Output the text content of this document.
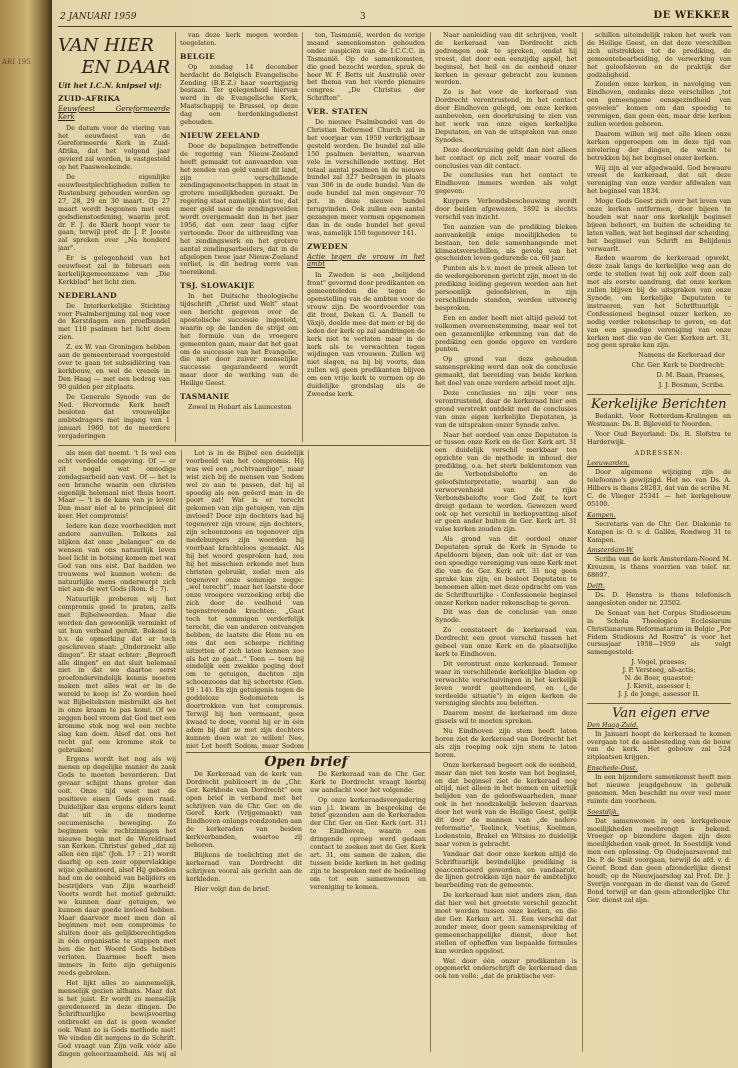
ARI 195
2 JANUARI 1959	3	DE WEKKER
VAN HIER
EN DAAR
Uit het I.C.N. knipsel vij:
ZUID-AFRIKA
Eeuwfeest Gereformeerde Kerk

De datum voor de viering van het eeuwfeest van de Gereformeerde Kerk in Zuid-Afrika, dat het volgend jaar gevierd zal worden, is vastgesteld op het Paasweekeinde.

De eigenlijke eeuwfeestplechtigheden zullen te Rustenburg gehouden worden op 27, 28, 29 en 30 maart. Op 27 maart wordt begonnen met een godsdienstoefening, waarin prof. dr. F. J. de Klerk hoopt voor te gaan, terwijl prof. dr. J. P. Jooste zal spreken over „Na honderd jaar".

Er is gelegenheid van het eeuwfeest zal in februari een kerkelijkgemeenzame van „Die Kerkblad" het licht zien.

NEDERLAND

De Interkerkelijke Stichting voor Psalmberijming zal nog voor de Kerstdagen een proefbundel met 110 psalmen het licht doen zien.

Z. ex W. van Groningen hebben aan de gemeenteraad voorgesteld over te gaan tot subsidiëring van kerkbouw, en wel de vrezels in Den Haag — met een bedrag van 90 gulden per zitplaats.

De Generale Synode van de Ned. Hervormde Kerk heeft besloten dat vrouwelijke ambtsdragers met ingang van 1 januari 1960 tot de meerdere vergaderingen

van deze kerk mogen worden toegelaten.

BELGIE

Op zondag 14 december herdacht de Belgisch Evangelische Zending (B.E.Z.) haar veertigjarig bestaan. Ter gelegenheid hiervan werd in de Evangelische Kerk, Maatschappij te Brussel, op deze dag een herdenkingsdienst gehouden.

NIEUW ZEELAND

Door de bepalingen betreffende de regering van Nieuw-Zeeland heeft gemaakt tot aanvaarden van het zenden van geld vanuit dit land, zijn verschillende zendingsgenootschappen in staat in grotere moeilijkheden geraakt. De regering staat namelijk niet toe, dat meer geld naar de zendingsvelden wordt overgemaakt dan in het jaar 1956, dat een zeer laag cijfer vertoonde. Door de uitbreiding van het zendingswerk en het grotere aantal zendingsarbeiders, dat in de afgelopen twee jaar Nieuw-Zeeland verliet, is dit bedrag verre van toereikend.

TSJ. SLOWAKIJE

In het Duitsche theologische tijdschrift „Christ und Welt" staat een bericht gegeven over de apostolische successie ingesteld, waarin op de landen de strijd om het formule van de vroegere gemeenten gaan, maar dat het gaat om de successie van het Evangelie, die niet door zuiver menselijke successie gegarandeerd wordt maar door de werking van de Heilige Geest.

TASMANIE

Zowel in Hobart als Launceston

ton, Tasmanië, werden de vorige maand samenkomsten gehouden onder auspiciën van de I.C.C.C. in Tasmanië. Op de samenkomsten, die goed bezocht werden, sprak de heer W. F. Betts uit Australië over het thema van het vierde plenaire congres: „De Christus der Schriften".

VER. STATEN

De nieuwe Psalmbundel van de Christian Reformed Church zal in het voorjaar van 1959 verkrijgbaar gesteld worden. De bundel zal alle 150 psalmen bevatten, waarvan vele in verschillende zetting. Het totaal aantal psalmen in de nieuwe bundel zal 327 bedragen in plaats van 306 in de oude bundel. Van de oude bundel zal men ongeveer 70 pct. in deze nieuwe bundel terugvinden. Ook zullen een aantal gezangen meer vormen opgenomen dan in de oude bundel het geval was, namelijk 150 tegenover 141.

ZWEDEN
Actie tegen de vrouw in het ambt

In Zweden is een „belijdend front" gevormd door predikanten en gemeenteleden die tegen de openstelling van de ambten voor de vrouw zijn. De woordvoerder van dit front, Dekan G. A. Danell te Växjö, deelde mee dat men er bij de leden der kerk op zal aandringen de kerk niet te verlaten maar in de kerk als te verwachten tegen wijdingen van vrouwen. Zullen wij niet slagen, na bij bij voorts, dan zullen wij geen predikanten blijven om een vrije kerk te vormen op de duidelijke grondslag als de Zweedse kerk.

als men dat noemt. 't Is wel een echt verdeelde omgeving. Of — er zit nogal wat onnodige zondagsarbeid aan vast. Of — het is een branche waarin een christen eigenlijk helemaal niet thuis hoort. Maar — 't is de kans van je leven! Dan maar niet al te principieel dit keer. Het compromis!

Iedere kan deze voorbeelden met andere aanvullen. Telkens zal blijken dat onze „belangen" en de wensen van ons natuurlijk leven heel licht in botsing komen met wat God van ons eist. Dat hadden we trouwens wel kunnen weten: de natuurlijke mens onderwerpt zich niet aan de wet Gods (Rom. 8 : 7).

Natuurlijk proberen wij het compromis goed te praten, zelfs met Bijbelwoorden. Maar die worden dan gewoonlijk verminkt of uit hun verband gerukt. Bekend is b.v. de opmerking dat er toch geschreven staat: „Onderzoekt alle dingen". Er staat echter: „Beproeft alle dingen" en dat sluit helemaal niet in dat we daartoe eerst proefondervindelijk kennis moeten maken met alles wat er in de wereld te koop is! Zo worden heel wat Bijbelteksten misbruikt als het in onze kraam te pas komt. Of we zeggen heel vroom dat God met een kromme stok nog wel een rechte slag kan doen. Alsof dat ons het recht gaf een kromme stok te gebruiken!

Ergens wordt het nog als wij menen op degelijke manier de zaak Gods te moeten bevorderen. Dat gevaar schijnt thans groter dan ooit. Onze tijd weet met de positieve eisen Gods geen raad. Duidelijker dan ergens elders komt dat uit in de moderne oecumenische beweging. Zo beginnen vele rechtzinnigen het nieuwe begin met de Wereldraad van Kerken. Christus' gebed „dat zij allen één zijn" (Joh. 17 : 21) wordt daarbij op een zeer oppervlakkige wijze gehanteerd, alsof Hij gebeden had om de eenheid van belijders en bestrijders van Zijn waarheid! Voorts wordt het motief gebruikt: we kunnen daar getuigen, we kunnen daar goede invloed hebben. Maar daarvoor moet men dan al beginnen met een compromis te sluiten door als gelijkberechtigden in één organisatie te stappen met hen die het Woord Gods hebben verlaten. Daarmee heeft men immers in feite zijn getuigenis reeds gebroken.

Het lijkt alles zo aannemelijk, menselijk gezien althans. Maar dat is het juist. Er wordt zo menselijk geredeneerd in deze dingen. De Schriftuurlijke bewijsvoering ontbreekt en dat is geen wonder ook. Want zo is Gods methode niet! We vinden dit nergens in de Schrift. God vraagt van Zijn volk vóór alle dingen gehoorzaamheid. Als wij al

Lot is in de Bijbel een duidelijk voorbeeld van het compromis. Hij was wel een „rechtvaardige", maar wist zich bij de mensen van Sodom wel zo aan te passen, dat hij al spoedig als een geëerd man in de poort zat! Wat is er terecht gekomen van zijn getuigen, van zijn invloed? Door zijn dochters had hij tegenover zijn vrouw, zijn dochters, zijn schoonzoons en tegenover zijn medeburgers zijn woorden hij voorbaat krachteloos gemaakt. Als hij het woord gesproken had, zou hij het misschien erkende met hun christen gebruikt, zodat men als tegenover onze sommige zegge: „wel terecht", maar het laatste door onze vroegere verzoeking erbij die zich door de veelheid van tegenstrevende krachten: „Gaat toch tot sommigen verderfelijk terecht, die van anderen ontvangen hebben, de laatste die Hem nu en ons dat een scherpe richting uitzetten of zich laten kennen zoo als het zo gaat..." Toen — toen hij eindelijk een zwakke poging doet om te getuigen, dachten zijn schoonzoons dat hij schertste (Gen. 19 : 14). En zijn getuigenis tegen de goddeloze Sodomieten is doortrokken van het compromis. Terwijl hij hen vermaant, geen kwaad te doen, vooral hij er in één adem bij dat ze met zijn dochters kunnen doen wat ze willen! Nee, niet Lot heeft Sodom, maar Sodom

Open brief

De Kerkeraad van de kerk van Dordrecht publiceert in de „Chr. Ger. Kerkbode van Dordrecht" een open brief in verband met het schrijven van de Chr. Ger. en de Geref. Kerk (Vrijgemaakt) van Eindhoven onlangs rondzonden aan de kerkeraden van beiden kerkverbanden, waartoe zij behoren.

Blijkens de toelichting ziet de kerkeraad van Dordrecht dit schrijven vooral als gericht aan de kerkleden.

Hier volgt dan de brief:

De Kerkeraad van de Chr. Ger. Kerk te Dordrecht vraagt hierbij uw aandacht voor het volgende:

Op onze kerkeraadsvergadering van j.l. kwam in bespreking de brief gezonden aan de Kerkeraden der Chr. Ger. en Ger. Kerk (art. 31) te Eindhoven, waarin een dringende oproep werd gedaan contact te zoeken met de Ger. Kerk art. 31, om samen de zaken, die tussen beide kerken in het geding zijn te bespreken met de bedoeling om tot een samenwonen en vereniging te komen.

Naar aanleiding van dit schrijven, voelt de kerkeraad van Dordrecht zich gedrongen ook te spreken, omdat hij vreest, dat door een eenzijdig appèl, het beginsel, het heil en de eenheid onzer kerken in gevaar gebracht zou kunnen worden.

Zo is het voor de kerkeraad van Dordrecht verontrustend, in het contact door Eindhoven gelegd, om onze kerken aanbevolen, een doorkruising te zien van het werk van onze eigen kerkelijke Deputaten, en van de uitspraken van onze Synodes.

Deze doorkruising geldt dan niet alleen het contact op zich zelf, maar vooral de conclusies van dit contact.

De conclusies van het contact te Eindhoven immers worden als volgt gegeven:

Kuypers Verbondsbeschouwing wordt door beiden afgewezen, 1892 is slechts verschil van inzicht.

Ten aanzien van de prediking bleken aanvankelijk enige moeilijkheden te bestaan, ten dele samenhangende met klimaatsverschillen, als gevolg van het gescheiden leven gedurende ca. 60 jaar.

Punten als b.v. moet de preek alleen tot de wedergeborenen gericht zijn, moet in de prediking leiding gegeven worden aan het persoonlijk geloofsleven, in zijn verschillende standen, werden uitvoerig besproken.

Een en ander heeft niet altijd geleid tot volkomen overeenstemming, maar wel tot een gezamenlijke erkenning van dat de prediking een goede opgave en verdere punten.

Op grond van deze gehouden samenspreking werd dan ook de conclusie gemaakt, dat bereiding van beide kerken het doel van onze verdere arbeid moet zijn.

Deze conclusies nu zijn voor ons verontrustend, daar de kerkeraad hier een grond verstrekt ontdekt met de conclusies van onze eigen kerkelijke Deputaten, ja van de uitspraken onzer Synode zelve.

Naar het oordeel van onze Deputaten is er tussen onze Kerk en de Ger. Kerk art. 31 een duidelijk verschil merkbaar ten opzichte van de methode in inhoud der prediking, o.a. het sterk beklemtonen van de Verbondsbelofte en de geloofsinterpretatie, waarbij aan de verworvenheid van de rijke Verbondsbelofte voor God Zelf, te kort dreigt gedaan te worden. Gewezen werd ook op het verschil in kerkopvatting alsof er geen ander buiten de Ger. Kerk art. 31 valse kerken zouden zijn.

Als grond van dit oordeel onzer Deputaten sprak de Kerk in Synode te Apeldoorn bijeen, dan ook uit: dat er van een spoedige vereniging van onze Kerk met die van de Ger. Kerk art. 31 nog geen sprake kan zijn, en besloot Deputaten te benoemen allen met deze opdracht om van de Schriftuurlijke - Confessionele beginsel onzer Kerken nader rekenschap te geven.

Dit was dan de conclusie van onze Synode.

Zo constateert de kerkeraad van Dordrecht een groot verschil tussen het gebeel van onze Kerk en de plaatselijke kerk te Eindhoven.

Dit verontrust onze kerkeraad. Temeer waar in verschillende kerkelijke bladen op verwachte verschuivingen in het kerkelijk leven wordt geattendeerd, en („de verdeelde situatie") in eigen kerken de vereniging slechts zou beletten.

Daarom meent de kerkeraad om deze gissels wil te moeten spreken.

Nu Eindhoven zijn stem heeft laten horen ziet de kerkeraad van Dordrecht het als zijn roeping ook zijn stem te laten horen.

Onze kerkeraad begeert ook de eenheid, maar dan niet ten koste van het beginsel, en dat beginsel ziet de kerkeraad nog altijd, niet alleen in het nomen en uiterlijk belijden van de geloofswaarheden, maar ook in het noodzakelijk beleven daarvan door het werk van de Heilige Geest, gelijk dit door de mannen van „de nadere reformatie", Teelinck, Voetius, Koelman, Lodenstein, Brakel en Witsius zo duidelijk naar voren is gebracht.

Vandaar dat door onze kerken altijd de Schriftuurlijk bevindelijke prediking is geaccentueerd geworden, en vandaaruit, de lijnen getrokken zijn naar de ambtelijke bearbeiding van de gemeente.

De kerkeraad kan niet anders zien, dan dat hier wel het grootste verschil gezocht moet worden tussen onze kerken, en die der Ger. Kerken art. 31. Een verschil dat zonder meer, door geen samenspreking of gemeenschappelijke dienst, door het stellen of opheffen van bepaalde formules kan worden opgelost.

Wat door één onzer predikanten is opgemerkt onderschrijft de kerkeraad dan ook ten volle: „dat de praktische ver-

schillen uiteindelijk raken het werk van de Heilige Geest, en dat deze verschillen zich uitstrekken tot de prediking, de gemeentebearbeiding, de verwerking van het geloofsleven en de praktijk der godzaligheid.

Zouden onze kerken, in navolging van Eindhoven, ondanks deze verschillen „tot een gemeengame eensgezindheid van gevoelen" komen om dan spoedig te verenigen, dan geen éèn, maar drie kerken zullen worden geboren.

Daarom willen wij met alle kleen onze kerken opgeroepen om in deze tijd van nivelering der dingen, de wacht te betrekken bij het beginsel onzer kerken.

Wij zijn al ver afgedwaald. God bewaare vreest de kerkeraad, dat uit deze vereniging van onze verder afdwalen van het beginsel van 1834.

Moge Gods Geest zich over het leven van onze kerken ontfermen, door bijeen te houden wat naar ons kerkelijk beginsel bijeen behoort, en buiten de scheiding te laten vallen, wat het beginsel der scheiding, het beginsel van Schrift en Belijdenis verwaarlt.

Reden waarom de kerkeraad opwekt, deze zaak langs de kerkelijke weg aan de orde te stellen (wat hij ook zelf doen zal) met als eerste aandrang, dat onze kerken zullen blijven bij de uitspraken van onze Synode, om kerkelijke Deputaten te instrueren, van het Schriftuurlijk - Confessioneel beginsel onzer kerken, zo nodig verder rekenschap te geven, en dat van een spoedige vereniging van onze kerken met die van de Ger. Kerken art. 31, nog geen sprake kan zijn.

Namens de Kerkeraad der
Chr. Ger. Kerk te Dordrecht:
D. M. Baan, Praeses,
J. J. Bosman, Scriba.
Kerkelijke Berichten

Bedankt. Voor Rotterdam-Kralingen en Westzaan: Ds. B. Bijleveld te Noorden.

Voor Oud Beyerland: Ds. R. Slofstra te Harderwijk.

ADRESSEN:
Leeuwarden.

Door algemene wijziging zijn de telefoonno's gewijzigd. Het no. van Ds. A. Hilbers is thans 28283, dat van de scriba M. C. de Vlieger 25341 — het kerkgebouw 05100.

Kampen.

Secretaris van de Chr. Ger. Diakonie te Kampen is: O. v. d. Gallën, Rondweg 31 te Kampen.

Amsterdam-W.

Scriba van de kerk Amsterdam-Noord M. Kreuzen, is thans voorzien van telef. nr. 68697.

Delft.

Ds. D. Henstra is thans telefonisch aangesloten onder nr. 23502.

De Senaat van het Corpus Studiosorum in Schola Theologica Ecclesiarum Christianarum Reformatarum in Belgio „Por Fidem Studiosus Ad Rostra" is voor het cursusjaar 1958—1959 als volgt samengesteld:

J. Vogel, praeses;
J. P. Versteeg, ab-actis;
N. de Boer, quaestor;
J. Kievit, assessor I;
J. J. de Jonge, assessor II.
Van eigen erve
Den Haag-Zuid.

In Januari hoopt de kerkeraad te komen overgaan tot de aanbesteding van de bouw van de kerk. Het gebouw zal 524 zitplaatsen krijgen.

Enschede-Oost.

In een bijzondere samenkomst heeft men het nieuwe jeugdgebouw in gebruik genomen. Men beschikt nu over veel meer ruimte dan voorheen.

Soestdijk.

Dat samenwonen in een kerkgebouw moeilijkheden meebrengt is bekend. Vroeger op bizondere dagen zijn deze moeilijkheden vaak groot. In Soestdijk vond men een oplossing. Op Oudejaarsavond zal Ds. P. de Smit voorgaan, terwijl de afd. v. d. Geref. Bond dan geen afzonderlijke dienst houdt; op de Nieuwjaarsdag zal Prof. Dr. J. Sverijn voorgaan in de dienst van de Geref. Bond terwijl er dan geen afzonderlijke Chr. Ger. dienst zal zijn.
